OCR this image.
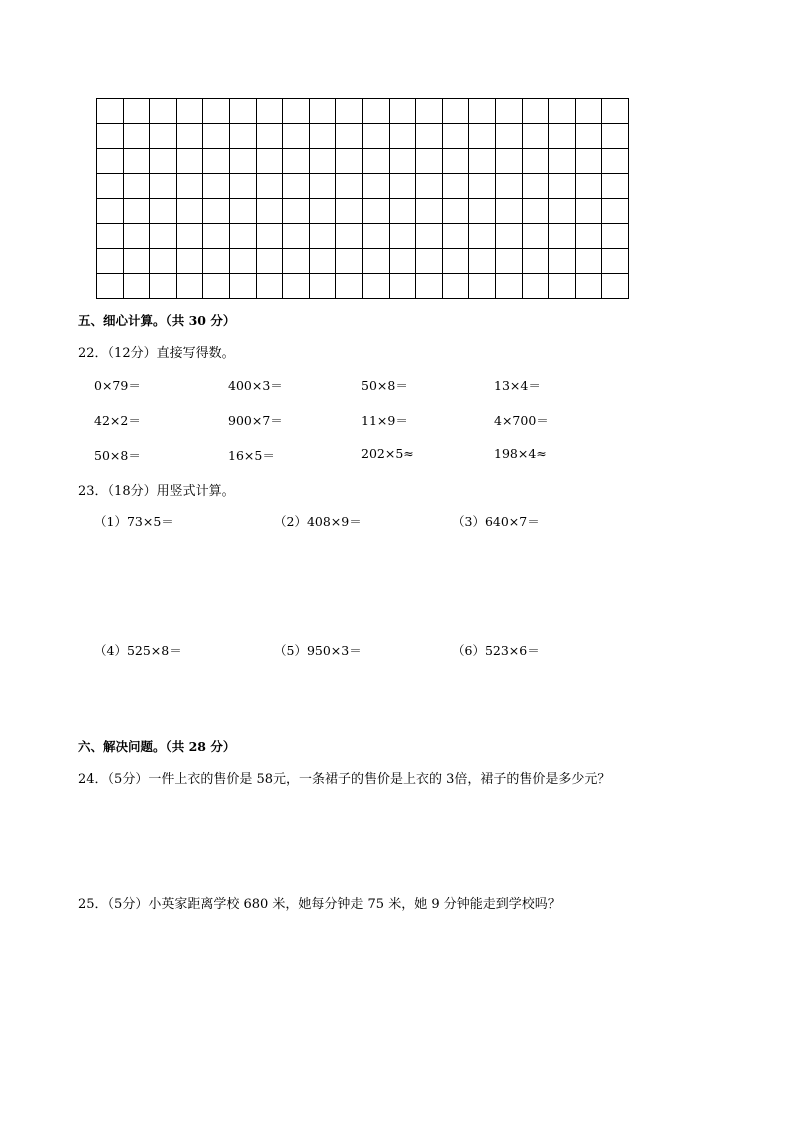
五、细心计算。（共 30 分）
22．（12分）直接写得数。
0×79＝	400×3＝	50×8＝	13×4＝
42×2＝	900×7＝	11×9＝	4×700＝
50×8＝	16×5＝	202×5≈	198×4≈
23．（18分）用竖式计算。
（1）73×5＝	（2）408×9＝	（3）640×7＝
（4）525×8＝	（5）950×3＝	（6）523×6＝
六、解决问题。（共 28 分）
24．（5分）一件上衣的售价是 58元，一条裙子的售价是上衣的 3倍，裙子的售价是多少元？
25．（5分）小英家距离学校 680 米，她每分钟走 75 米，她 9 分钟能走到学校吗？
